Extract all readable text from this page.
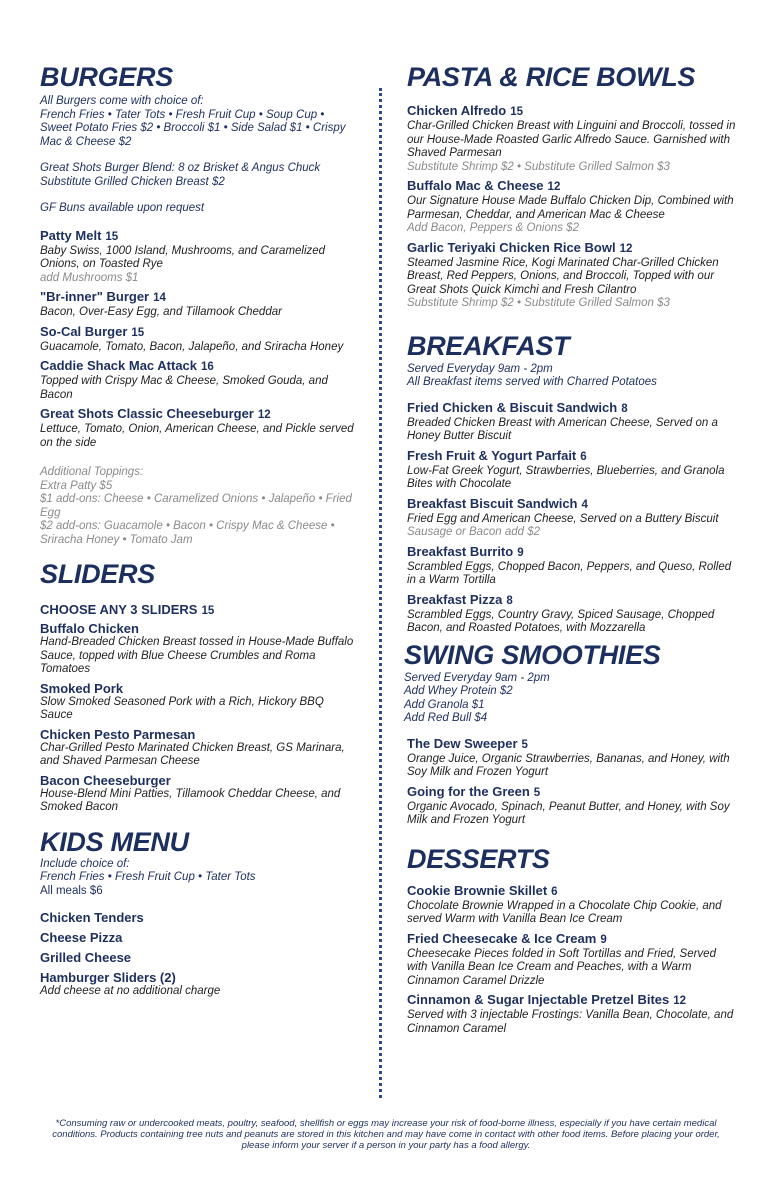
BURGERS
All Burgers come with choice of:
French Fries • Tater Tots • Fresh Fruit Cup • Soup Cup • Sweet Potato Fries $2 • Broccoli $1 • Side Salad $1 • Crispy Mac & Cheese $2
Great Shots Burger Blend: 8 oz Brisket & Angus Chuck
Substitute Grilled Chicken Breast $2
GF Buns available upon request
Patty Melt 15
Baby Swiss, 1000 Island, Mushrooms, and Caramelized Onions, on Toasted Rye
add Mushrooms $1
"Br-inner" Burger 14
Bacon, Over-Easy Egg, and Tillamook Cheddar
So-Cal Burger 15
Guacamole, Tomato, Bacon, Jalapeño, and Sriracha Honey
Caddie Shack Mac Attack 16
Topped with Crispy Mac & Cheese, Smoked Gouda, and Bacon
Great Shots Classic Cheeseburger 12
Lettuce, Tomato, Onion, American Cheese, and Pickle served on the side
Additional Toppings:
Extra Patty $5
$1 add-ons: Cheese • Caramelized Onions • Jalapeño • Fried Egg
$2 add-ons: Guacamole • Bacon • Crispy Mac & Cheese • Sriracha Honey • Tomato Jam
SLIDERS
CHOOSE ANY 3 SLIDERS 15
Buffalo Chicken
Hand-Breaded Chicken Breast tossed in House-Made Buffalo Sauce, topped with Blue Cheese Crumbles and Roma Tomatoes
Smoked Pork
Slow Smoked Seasoned Pork with a Rich, Hickory BBQ Sauce
Chicken Pesto Parmesan
Char-Grilled Pesto Marinated Chicken Breast, GS Marinara, and Shaved Parmesan Cheese
Bacon Cheeseburger
House-Blend Mini Patties, Tillamook Cheddar Cheese, and Smoked Bacon
KIDS MENU
Include choice of:
French Fries • Fresh Fruit Cup • Tater Tots
All meals $6
Chicken Tenders
Cheese Pizza
Grilled Cheese
Hamburger Sliders (2)
Add cheese at no additional charge
PASTA & RICE BOWLS
Chicken Alfredo 15
Char-Grilled Chicken Breast with Linguini and Broccoli, tossed in our House-Made Roasted Garlic Alfredo Sauce. Garnished with Shaved Parmesan
Substitute Shrimp $2 • Substitute Grilled Salmon $3
Buffalo Mac & Cheese 12
Our Signature House Made Buffalo Chicken Dip, Combined with Parmesan, Cheddar, and American Mac & Cheese
Add Bacon, Peppers & Onions $2
Garlic Teriyaki Chicken Rice Bowl 12
Steamed Jasmine Rice, Kogi Marinated Char-Grilled Chicken Breast, Red Peppers, Onions, and Broccoli, Topped with our Great Shots Quick Kimchi and Fresh Cilantro
Substitute Shrimp $2 • Substitute Grilled Salmon $3
BREAKFAST
Served Everyday 9am - 2pm
All Breakfast items served with Charred Potatoes
Fried Chicken & Biscuit Sandwich 8
Breaded Chicken Breast with American Cheese, Served on a Honey Butter Biscuit
Fresh Fruit & Yogurt Parfait 6
Low-Fat Greek Yogurt, Strawberries, Blueberries, and Granola Bites with Chocolate
Breakfast Biscuit Sandwich 4
Fried Egg and American Cheese, Served on a Buttery Biscuit
Sausage or Bacon add $2
Breakfast Burrito 9
Scrambled Eggs, Chopped Bacon, Peppers, and Queso, Rolled in a Warm Tortilla
Breakfast Pizza 8
Scrambled Eggs, Country Gravy, Spiced Sausage, Chopped Bacon, and Roasted Potatoes, with Mozzarella
SWING SMOOTHIES
Served Everyday 9am - 2pm
Add Whey Protein $2
Add Granola $1
Add Red Bull $4
The Dew Sweeper 5
Orange Juice, Organic Strawberries, Bananas, and Honey, with Soy Milk and Frozen Yogurt
Going for the Green 5
Organic Avocado, Spinach, Peanut Butter, and Honey, with Soy Milk and Frozen Yogurt
DESSERTS
Cookie Brownie Skillet 6
Chocolate Brownie Wrapped in a Chocolate Chip Cookie, and served Warm with Vanilla Bean Ice Cream
Fried Cheesecake & Ice Cream 9
Cheesecake Pieces folded in Soft Tortillas and Fried, Served with Vanilla Bean Ice Cream and Peaches, with a Warm Cinnamon Caramel Drizzle
Cinnamon & Sugar Injectable Pretzel Bites 12
Served with 3 injectable Frostings: Vanilla Bean, Chocolate, and Cinnamon Caramel
*Consuming raw or undercooked meats, poultry, seafood, shellfish or eggs may increase your risk of food-borne illness, especially if you have certain medical conditions. Products containing tree nuts and peanuts are stored in this kitchen and may have come in contact with other food items. Before placing your order, please inform your server if a person in your party has a food allergy.
